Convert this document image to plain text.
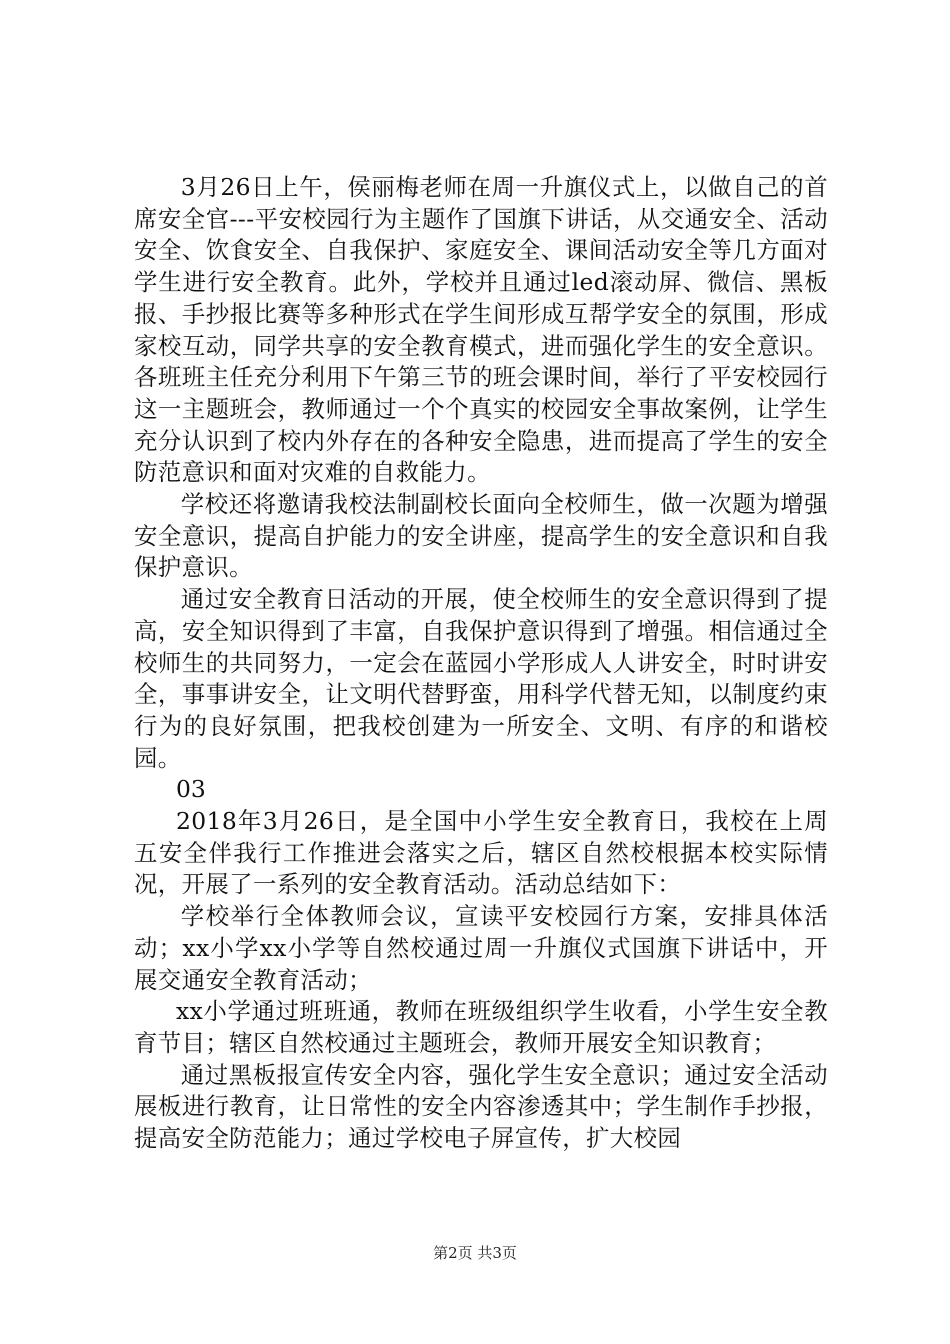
3月26日上午，侯丽梅老师在周一升旗仪式上，以做自己的首席安全官---平安校园行为主题作了国旗下讲话，从交通安全、活动安全、饮食安全、自我保护、家庭安全、课间活动安全等几方面对学生进行安全教育。此外，学校并且通过led滚动屏、微信、黑板报、手抄报比赛等多种形式在学生间形成互帮学安全的氛围，形成家校互动，同学共享的安全教育模式，进而强化学生的安全意识。各班班主任充分利用下午第三节的班会课时间，举行了平安校园行这一主题班会，教师通过一个个真实的校园安全事故案例，让学生充分认识到了校内外存在的各种安全隐患，进而提高了学生的安全防范意识和面对灾难的自救能力。

学校还将邀请我校法制副校长面向全校师生，做一次题为增强安全意识，提高自护能力的安全讲座，提高学生的安全意识和自我保护意识。

通过安全教育日活动的开展，使全校师生的安全意识得到了提高，安全知识得到了丰富，自我保护意识得到了增强。相信通过全校师生的共同努力，一定会在蓝园小学形成人人讲安全，时时讲安全，事事讲安全，让文明代替野蛮，用科学代替无知，以制度约束行为的良好氛围，把我校创建为一所安全、文明、有序的和谐校园。

03

2018年3月26日，是全国中小学生安全教育日，我校在上周五安全伴我行工作推进会落实之后，辖区自然校根据本校实际情况，开展了一系列的安全教育活动。活动总结如下：

学校举行全体教师会议，宣读平安校园行方案，安排具体活动；xx小学xx小学等自然校通过周一升旗仪式国旗下讲话中，开展交通安全教育活动；

xx小学通过班班通，教师在班级组织学生收看，小学生安全教育节目；辖区自然校通过主题班会，教师开展安全知识教育；

通过黑板报宣传安全内容，强化学生安全意识；通过安全活动展板进行教育，让日常性的安全内容渗透其中；学生制作手抄报，提高安全防范能力；通过学校电子屏宣传，扩大校园

第2页 共3页
